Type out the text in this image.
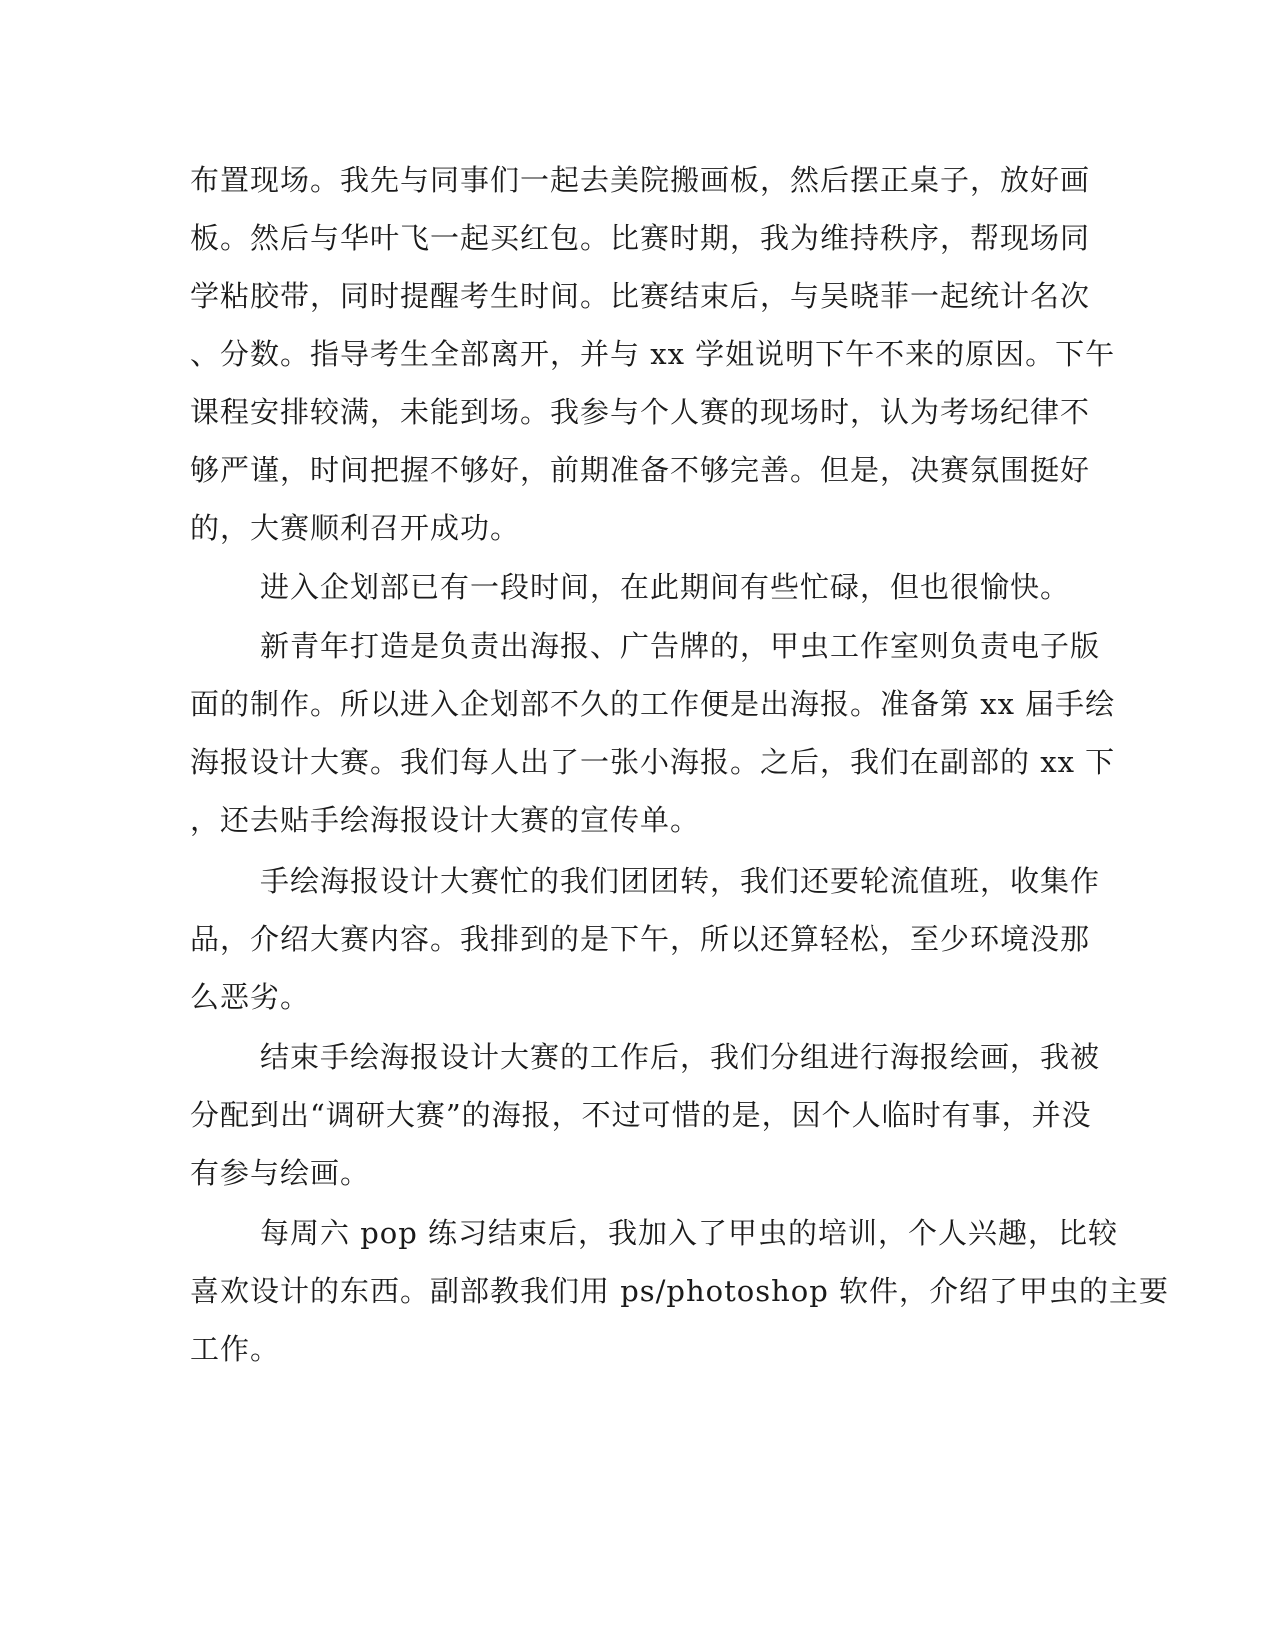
布置现场。我先与同事们一起去美院搬画板，然后摆正桌子，放好画
板。然后与华叶飞一起买红包。比赛时期，我为维持秩序，帮现场同
学粘胶带，同时提醒考生时间。比赛结束后，与吴晓菲一起统计名次
、分数。指导考生全部离开，并与 xx 学姐说明下午不来的原因。下午
课程安排较满，未能到场。我参与个人赛的现场时，认为考场纪律不
够严谨，时间把握不够好，前期准备不够完善。但是，决赛氛围挺好
的，大赛顺利召开成功。
进入企划部已有一段时间，在此期间有些忙碌，但也很愉快。
新青年打造是负责出海报、广告牌的，甲虫工作室则负责电子版
面的制作。所以进入企划部不久的工作便是出海报。准备第 xx 届手绘
海报设计大赛。我们每人出了一张小海报。之后，我们在副部的 xx 下
，还去贴手绘海报设计大赛的宣传单。
手绘海报设计大赛忙的我们团团转，我们还要轮流值班，收集作
品，介绍大赛内容。我排到的是下午，所以还算轻松，至少环境没那
么恶劣。
结束手绘海报设计大赛的工作后，我们分组进行海报绘画，我被
分配到出“调研大赛”的海报，不过可惜的是，因个人临时有事，并没
有参与绘画。
每周六 pop 练习结束后，我加入了甲虫的培训，个人兴趣，比较
喜欢设计的东西。副部教我们用 ps/photoshop 软件，介绍了甲虫的主要
工作。
